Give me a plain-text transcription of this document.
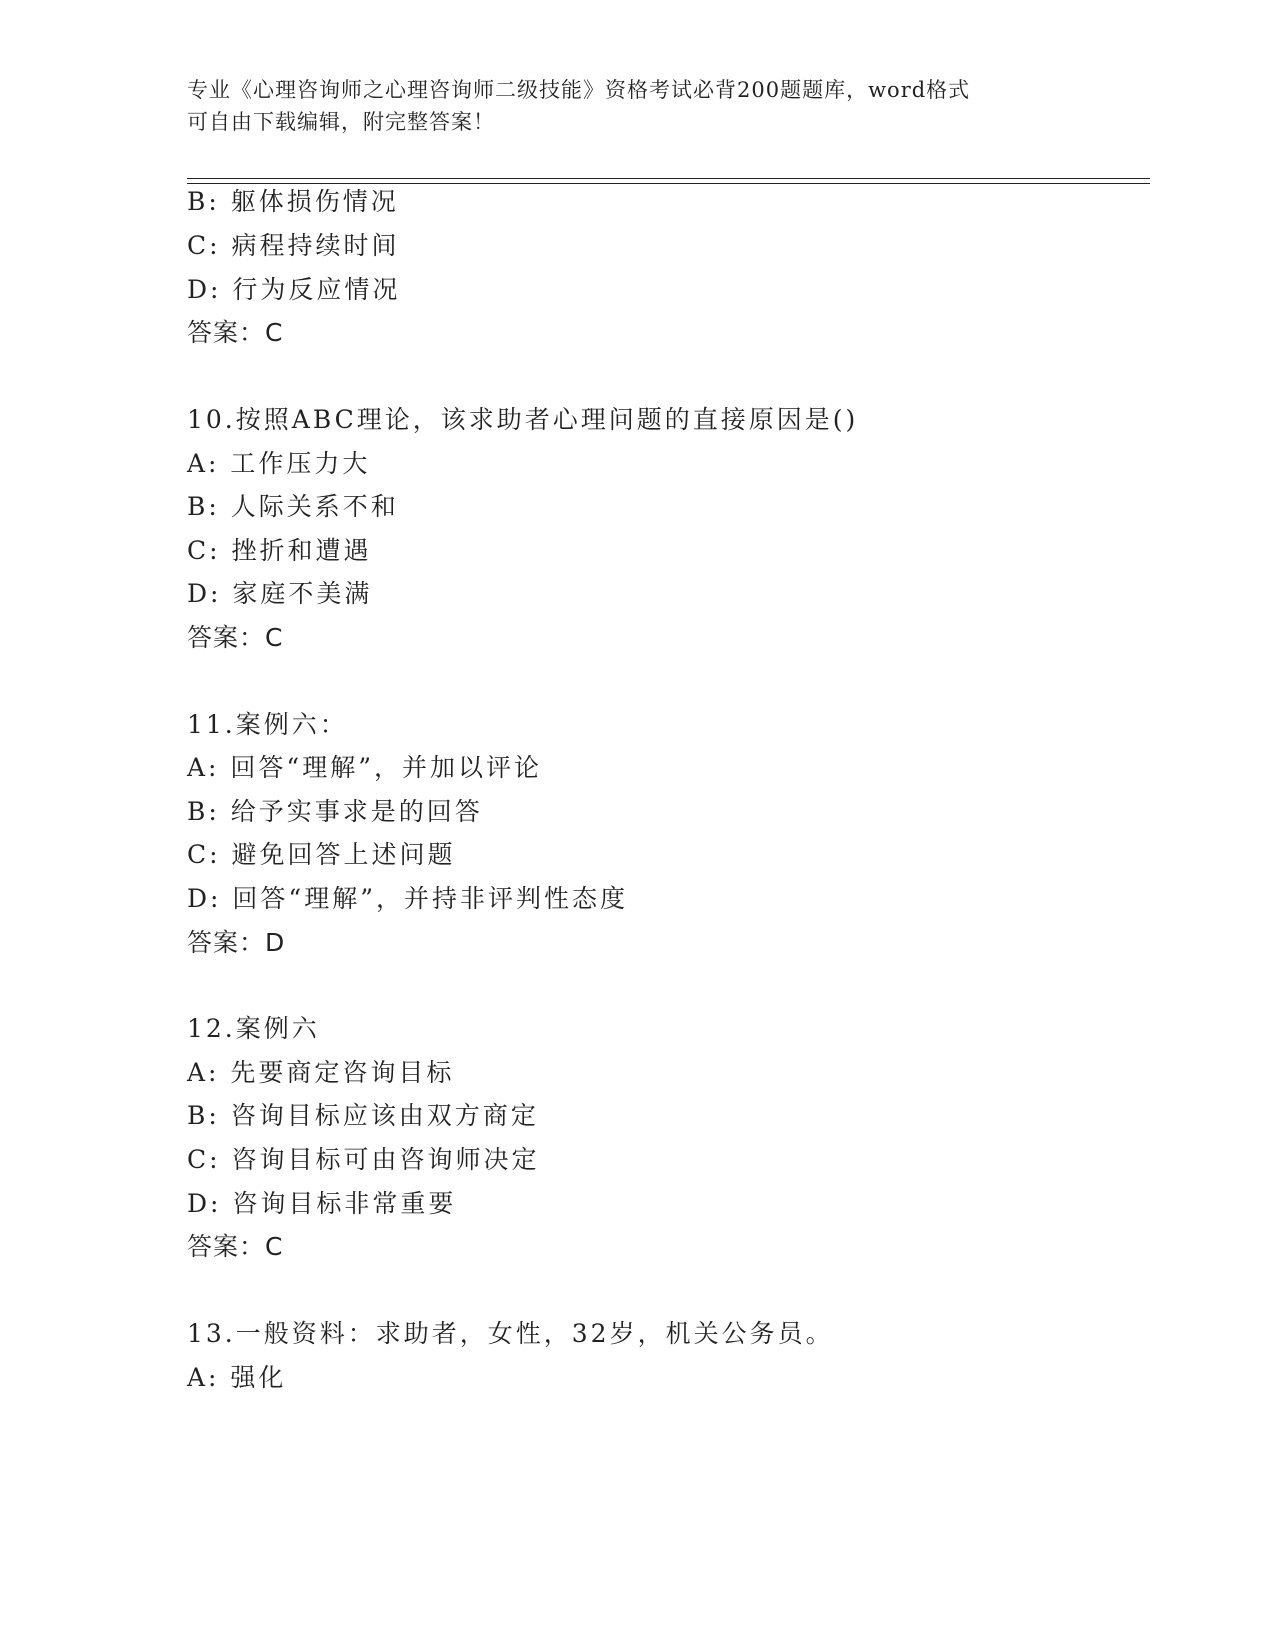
专业《心理咨询师之心理咨询师二级技能》资格考试必背200题题库，word格式
可自由下载编辑，附完整答案！
B: 躯体损伤情况
C: 病程持续时间
D: 行为反应情况
答案：C
10.按照ABC理论，该求助者心理问题的直接原因是()
A: 工作压力大
B: 人际关系不和
C: 挫折和遭遇
D: 家庭不美满
答案：C
11.案例六：
A: 回答“理解”，并加以评论
B: 给予实事求是的回答
C: 避免回答上述问题
D: 回答“理解”，并持非评判性态度
答案：D
12.案例六
A: 先要商定咨询目标
B: 咨询目标应该由双方商定
C: 咨询目标可由咨询师决定
D: 咨询目标非常重要
答案：C
13.一般资料：求助者，女性，32岁，机关公务员。
A: 强化
